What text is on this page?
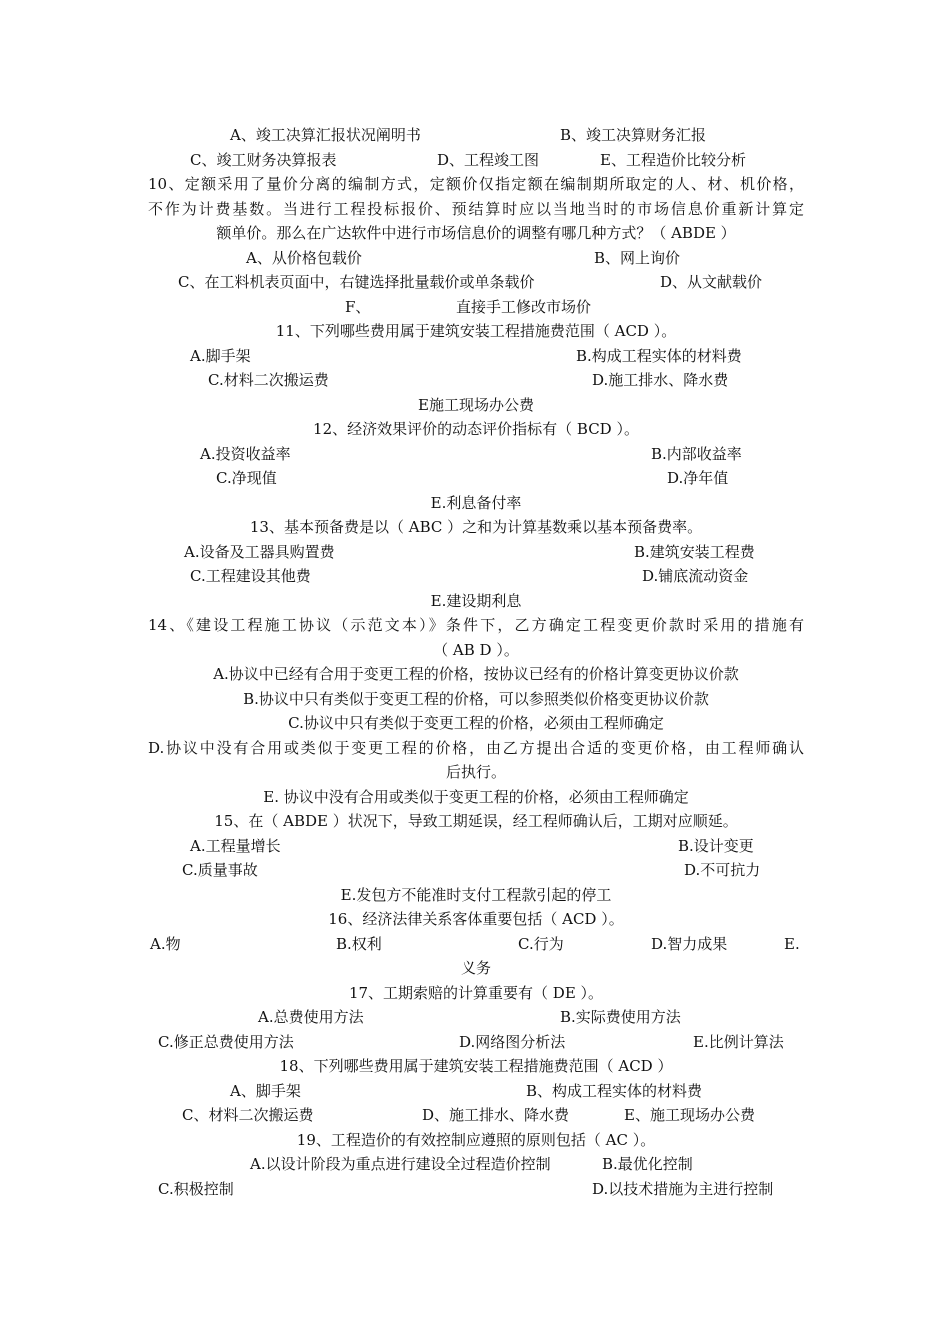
A、竣工决算汇报状况阐明书	B、竣工决算财务汇报
C、竣工财务决算报表	D、工程竣工图	E、工程造价比较分析
10、定额采用了量价分离的编制方式，定额价仅指定额在编制期所取定的人、材、机价格，
不作为计费基数。当进行工程投标报价、预结算时应以当地当时的市场信息价重新计算定
额单价。那么在广达软件中进行市场信息价的调整有哪几种方式？（ ABDE ）
A、从价格包载价	B、网上询价
C、在工料机表页面中，右键选择批量载价或单条载价	D、从文献载价
F、	直接手工修改市场价
11、下列哪些费用属于建筑安装工程措施费范围（ ACD ）。
A.脚手架	B.构成工程实体的材料费
C.材料二次搬运费	D.施工排水、降水费
E施工现场办公费
12、经济效果评价的动态评价指标有（ BCD ）。
A.投资收益率	B.内部收益率
C.净现值	D.净年值
E.利息备付率
13、基本预备费是以（ ABC ）之和为计算基数乘以基本预备费率。
A.设备及工器具购置费	B.建筑安装工程费
C.工程建设其他费	D.铺底流动资金
E.建设期利息
14、《建设工程施工协议（示范文本）》条件下，乙方确定工程变更价款时采用的措施有
（ AB D ）。
A.协议中已经有合用于变更工程的价格，按协议已经有的价格计算变更协议价款
B.协议中只有类似于变更工程的价格，可以参照类似价格变更协议价款
C.协议中只有类似于变更工程的价格，必须由工程师确定
D.协议中没有合用或类似于变更工程的价格，由乙方提出合适的变更价格，由工程师确认
后执行。
E. 协议中没有合用或类似于变更工程的价格，必须由工程师确定
15、在（ ABDE ）状况下，导致工期延误，经工程师确认后，工期对应顺延。
A.工程量增长	B.设计变更
C.质量事故	D.不可抗力
E.发包方不能准时支付工程款引起的停工
16、经济法律关系客体重要包括（ ACD ）。
A.物	B.权利	C.行为	D.智力成果	E.
义务
17、工期索赔的计算重要有（ DE ）。
A.总费使用方法	B.实际费使用方法
C.修正总费使用方法	D.网络图分析法	E.比例计算法
18、下列哪些费用属于建筑安装工程措施费范围（ ACD ）
A、脚手架	B、构成工程实体的材料费
C、材料二次搬运费	D、施工排水、降水费	E、施工现场办公费
19、工程造价的有效控制应遵照的原则包括（ AC ）。
A.以设计阶段为重点进行建设全过程造价控制	B.最优化控制
C.积极控制	D.以技术措施为主进行控制
